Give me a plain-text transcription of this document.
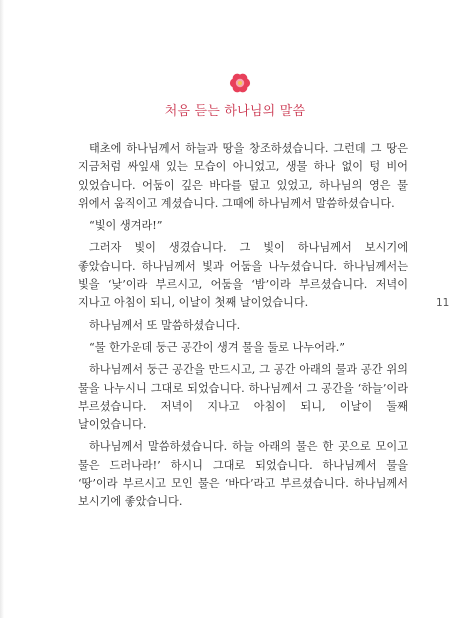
처음 듣는 하나님의 말씀

태초에 하나님께서 하늘과 땅을 창조하셨습니다. 그런데 그 땅은 지금처럼 싸잎새 있는 모습이 아니었고, 생물 하나 없이 텅 비어 있었습니다. 어둠이 깊은 바다를 덮고 있었고, 하나님의 영은 물 위에서 움직이고 계셨습니다. 그때에 하나님께서 말씀하셨습니다.

“빛이 생겨라!”

그러자 빛이 생겼습니다. 그 빛이 하나님께서 보시기에 좋았습니다. 하나님께서 빛과 어둠을 나누셨습니다. 하나님께서는 빛을 ‘낮’이라 부르시고, 어둠을 ‘밤’이라 부르셨습니다. 저녁이 지나고 아침이 되니, 이날이 첫째 날이었습니다.

하나님께서 또 말씀하셨습니다.

“물 한가운데 둥근 공간이 생겨 물을 둘로 나누어라.”

하나님께서 둥근 공간을 만드시고, 그 공간 아래의 물과 공간 위의 물을 나누시니 그대로 되었습니다. 하나님께서 그 공간을 ‘하늘’이라 부르셨습니다. 저녁이 지나고 아침이 되니, 이날이 둘째 날이었습니다.

하나님께서 말씀하셨습니다. 하늘 아래의 물은 한 곳으로 모이고 물은 드러나라!’ 하시니 그대로 되었습니다. 하나님께서 물을 ‘땅’이라 부르시고 모인 물은 ‘바다’라고 부르셨습니다. 하나님께서 보시기에 좋았습니다.

11
